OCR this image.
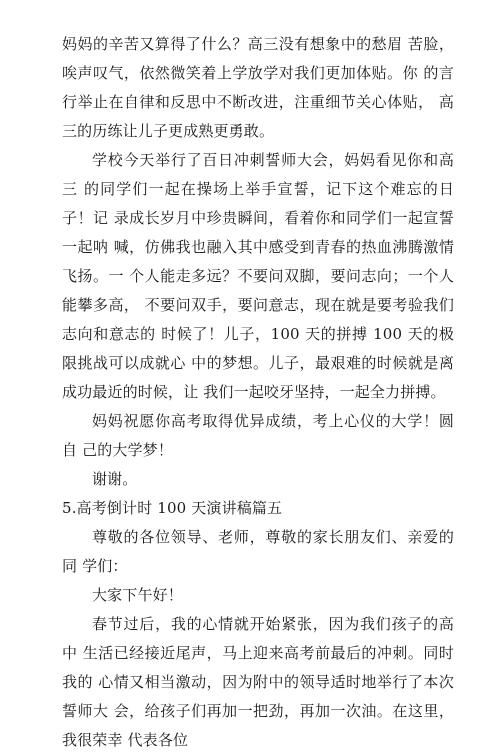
妈妈的辛苦又算得了什么？高三没有想象中的愁眉 苦脸，唉声叹气，依然微笑着上学放学对我们更加体贴。你 的言行举止在自律和反思中不断改进，注重细节关心体贴， 高三的历练让儿子更成熟更勇敢。

学校今天举行了百日冲刺誓师大会，妈妈看见你和高三 的同学们一起在操场上举手宣誓，记下这个难忘的日子！记 录成长岁月中珍贵瞬间，看着你和同学们一起宣誓一起呐 喊，仿佛我也融入其中感受到青春的热血沸腾激情飞扬。一 个人能走多远？不要问双脚，要问志向；一个人能攀多高， 不要问双手，要问意志，现在就是要考验我们志向和意志的 时候了！儿子，100 天的拼搏 100 天的极限挑战可以成就心 中的梦想。儿子，最艰难的时候就是离成功最近的时候，让 我们一起咬牙坚持，一起全力拼搏。

妈妈祝愿你高考取得优异成绩，考上心仪的大学！圆自 己的大学梦！

谢谢。

5.高考倒计时 100 天演讲稿篇五

尊敬的各位领导、老师，尊敬的家长朋友们、亲爱的同 学们：

大家下午好！

春节过后，我的心情就开始紧张，因为我们孩子的高中 生活已经接近尾声，马上迎来高考前最后的冲刺。同时我的 心情又相当激动，因为附中的领导适时地举行了本次誓师大 会，给孩子们再加一把劲，再加一次油。在这里，我很荣幸 代表各位
